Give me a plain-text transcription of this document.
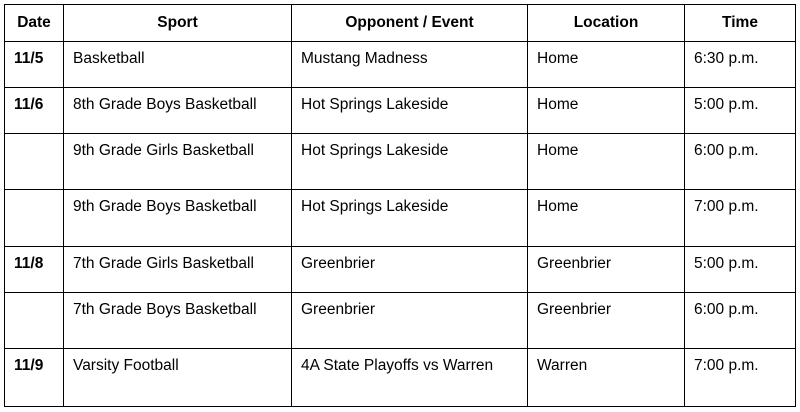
Date	Sport	Opponent / Event	Location	Time
11/5	Basketball	Mustang Madness	Home	6:30 p.m.
11/6	8th Grade Boys Basketball	Hot Springs Lakeside	Home	5:00 p.m.
	9th Grade Girls Basketball	Hot Springs Lakeside	Home	6:00 p.m.
	9th Grade Boys Basketball	Hot Springs Lakeside	Home	7:00 p.m.
11/8	7th Grade Girls Basketball	Greenbrier	Greenbrier	5:00 p.m.
	7th Grade Boys Basketball	Greenbrier	Greenbrier	6:00 p.m.
11/9	Varsity Football	4A State Playoffs vs Warren	Warren	7:00 p.m.
